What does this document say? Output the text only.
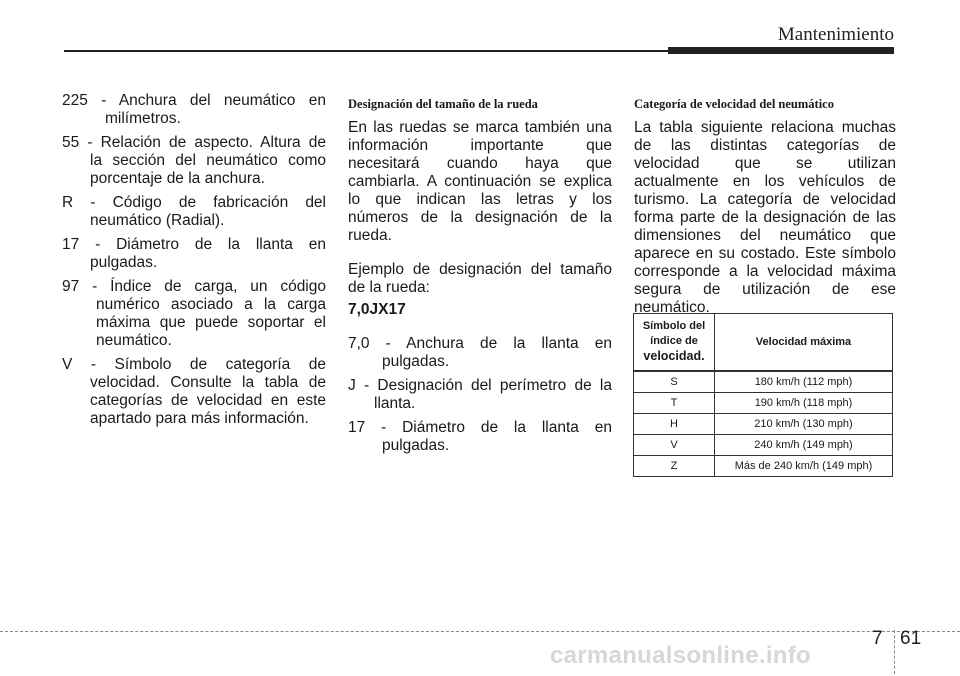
Mantenimiento
225 - Anchura del neumático en
milímetros.
55 - Relación de aspecto. Altura de
la sección del neumático como
porcentaje de la anchura.
R - Código de fabricación del
neumático (Radial).
17 - Diámetro de la llanta en
pulgadas.
97 - Índice de carga, un código
numérico asociado a la carga
máxima que puede soportar el
neumático.
V - Símbolo de categoría de
velocidad. Consulte la tabla de
categorías de velocidad en este
apartado para más información.
Designación del tamaño de la rueda
En las ruedas se marca también una
información importante que
necesitará cuando haya que
cambiarla. A continuación se explica
lo que indican las letras y los
números de la designación de la
rueda.
Ejemplo de designación del tamaño
de la rueda:
7,0JX17
7,0 - Anchura de la llanta en
pulgadas.
J - Designación del perímetro de la
llanta.
17 - Diámetro de la llanta en
pulgadas.
Categoría de velocidad del neumático
La tabla siguiente relaciona muchas
de las distintas categorías de
velocidad que se utilizan
actualmente en los vehículos de
turismo. La categoría de velocidad
forma parte de la designación de las
dimensiones del neumático que
aparece en su costado. Este símbolo
corresponde a la velocidad máxima
segura de utilización de ese
neumático.
Símbolo del
índice de
velocidad.	Velocidad máxima
S	180 km/h (112 mph)
T	190 km/h (118 mph)
H	210 km/h (130 mph)
V	240 km/h (149 mph)
Z	Más de 240 km/h (149 mph)
7 61
carmanualsonline.info
